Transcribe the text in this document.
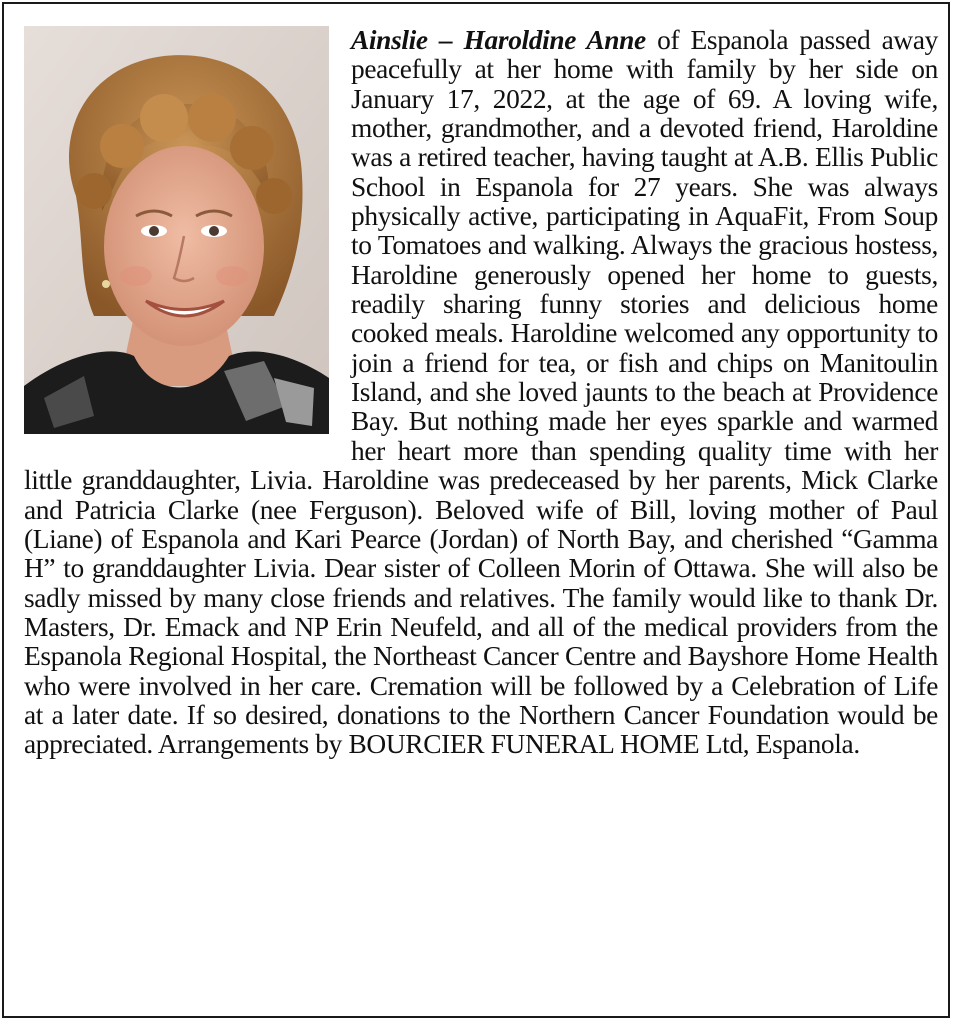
Ainslie – Haroldine Anne of Espanola passed away peacefully at her home with family by her side on January 17, 2022, at the age of 69. A loving wife, mother, grandmother, and a devoted friend, Haroldine was a retired teacher, having taught at A.B. Ellis Public School in Espanola for 27 years. She was always physically active, participating in AquaFit, From Soup to Tomatoes and walking. Always the gracious hostess, Haroldine generously opened her home to guests, readily sharing funny stories and delicious home cooked meals. Haroldine welcomed any opportunity to join a friend for tea, or fish and chips on Manitoulin Island, and she loved jaunts to the beach at Providence Bay. But nothing made her eyes sparkle and warmed her heart more than spending quality time with her little granddaughter, Livia. Haroldine was predeceased by her parents, Mick Clarke and Patricia Clarke (nee Ferguson). Beloved wife of Bill, loving mother of Paul (Liane) of Espanola and Kari Pearce (Jordan) of North Bay, and cherished “Gamma H” to granddaughter Livia. Dear sister of Colleen Morin of Ottawa. She will also be sadly missed by many close friends and relatives. The family would like to thank Dr. Masters, Dr. Emack and NP Erin Neufeld, and all of the medical providers from the Espanola Regional Hospital, the Northeast Cancer Centre and Bayshore Home Health who were involved in her care. Cremation will be followed by a Celebration of Life at a later date. If so desired, donations to the Northern Cancer Foundation would be appreciated. Arrangements by BOURCIER FUNERAL HOME Ltd, Espanola.
